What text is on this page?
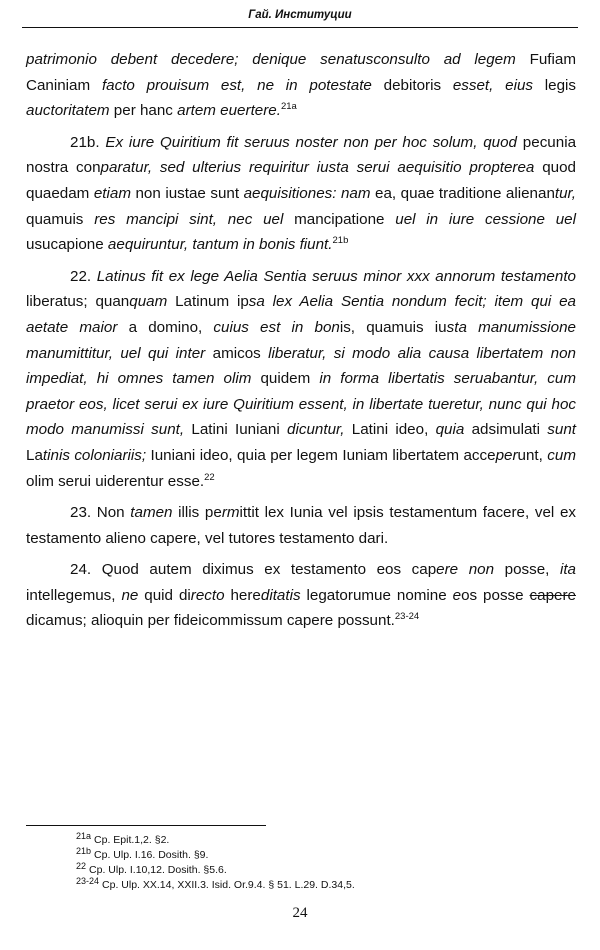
Гай. Институции

patrimonio debent decedere; denique senatusconsulto ad legem Fufiam Caniniam facto prouisum est, ne in potestate debitoris esset, eius legis auctoritatem per hanc artem euertere.$^{21a}$

21b. Ex iure Quiritium fit seruus noster non per hoc solum, quod pecunia nostra conparatur, sed ulterius requiritur iusta serui aequisitio propterea quod quaedam etiam non iustae sunt aequisitiones: nam ea, quae traditione alienantur, quamuis res mancipi sint, nec uel mancipatione uel in iure cessione uel usucapione aequiruntur, tantum in bonis fiunt.$^{21b}$

22. Latinus fit ex lege Aelia Sentia seruus minor xxx annorum testamento liberatus; quanquam Latinum ipsa lex Aelia Sentia nondum fecit; item qui ea aetate maior a domino, cuius est in bonis, quamuis iusta manumissione manumittitur, uel qui inter amicos liberatur, si modo alia causa libertatem non impediat, hi omnes tamen olim quidem in forma libertatis seruabantur, cum praetor eos, licet serui ex iure Quiritium essent, in libertate tueretur, nunc qui hoc modo manumissi sunt, Latini Iuniani dicuntur, Latini ideo, quia adsimulati sunt Latinis coloniariis; Iuniani ideo, quia per legem Iuniam libertatem acceperunt, cum olim serui uiderentur esse.$^{22}$

23. Non tamen illis permittit lex Iunia vel ipsis testamentum facere, vel ex testamento alieno capere, vel tutores testamento dari.

24. Quod autem diximus ex testamento eos capere non posse, ita intellegemus, ne quid directo hereditatis legatorumue nomine eos posse capere dicamus; alioquin per fideicommissum capere possunt.$^{23-24}$

$^{21a}$ Cp. Epit.1,2. §2.
$^{21b}$ Cp. Ulp. I.16. Dosith. §9.
$^{22}$ Cp. Ulp. I.10,12. Dosith. §5.6.
$^{23-24}$ Cp. Ulp. XX.14, XXII.3. Isid. Or.9.4. § 51. L.29. D.34,5.
24
